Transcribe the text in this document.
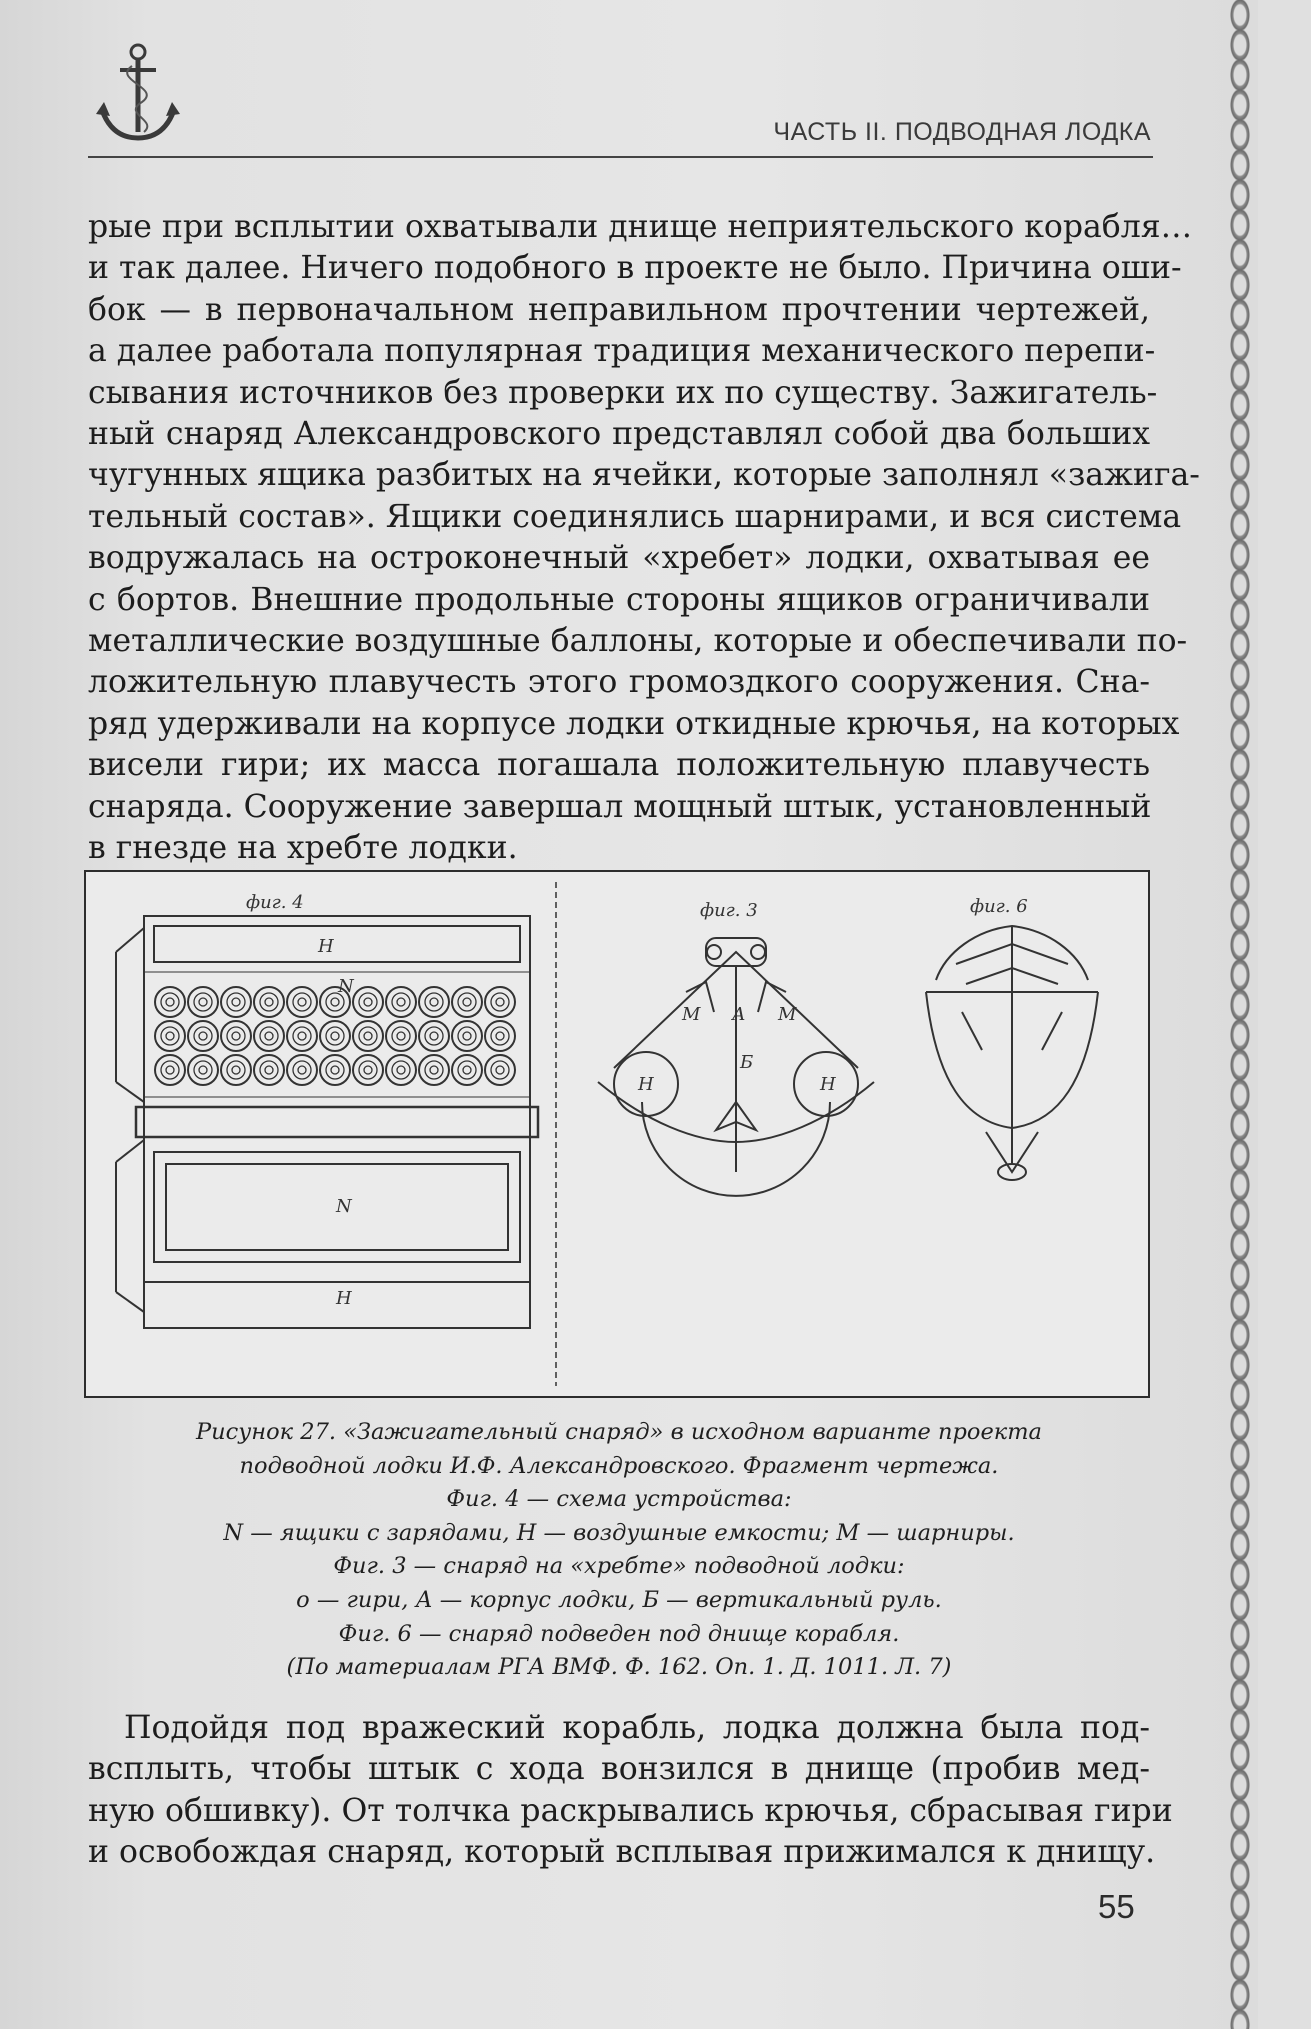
ЧАСТЬ II. ПОДВОДНАЯ ЛОДКА

рые при всплытии охватывали днище неприятельского корабля…
и так далее. Ничего подобного в проекте не было. Причина оши-
бок — в первоначальном неправильном прочтении чертежей,
а далее работала популярная традиция механического перепи-
сывания источников без проверки их по существу. Зажигатель-
ный снаряд Александровского представлял собой два больших
чугунных ящика разбитых на ячейки, которые заполнял «зажига-
тельный состав». Ящики соединялись шарнирами, и вся система
водружалась на остроконечный «хребет» лодки, охватывая ее
с бортов. Внешние продольные стороны ящиков ограничивали
металлические воздушные баллоны, которые и обеспечивали по-
ложительную плавучесть этого громоздкого сооружения. Сна-
ряд удерживали на корпусе лодки откидные крючья, на которых
висели гири; их масса погашала положительную плавучесть
снаряда. Сооружение завершал мощный штык, установленный
в гнезде на хребте лодки.

фиг. 4	фиг. 3	фиг. 6
Н
N
N
Н
М	М
А
Б
Н	Н

Рисунок 27. «Зажигательный снаряд» в исходном варианте проекта
подводной лодки И.Ф. Александровского. Фрагмент чертежа.
Фиг. 4 — схема устройства:
N — ящики с зарядами, Н — воздушные емкости; М — шарниры.
Фиг. 3 — снаряд на «хребте» подводной лодки:
о — гири, А — корпус лодки, Б — вертикальный руль.
Фиг. 6 — снаряд подведен под днище корабля.
(По материалам РГА ВМФ. Ф. 162. Оп. 1. Д. 1011. Л. 7)

Подойдя под вражеский корабль, лодка должна была под-
всплыть, чтобы штык с хода вонзился в днище (пробив мед-
ную обшивку). От толчка раскрывались крючья, сбрасывая гири
и освобождая снаряд, который всплывая прижимался к днищу.

55
